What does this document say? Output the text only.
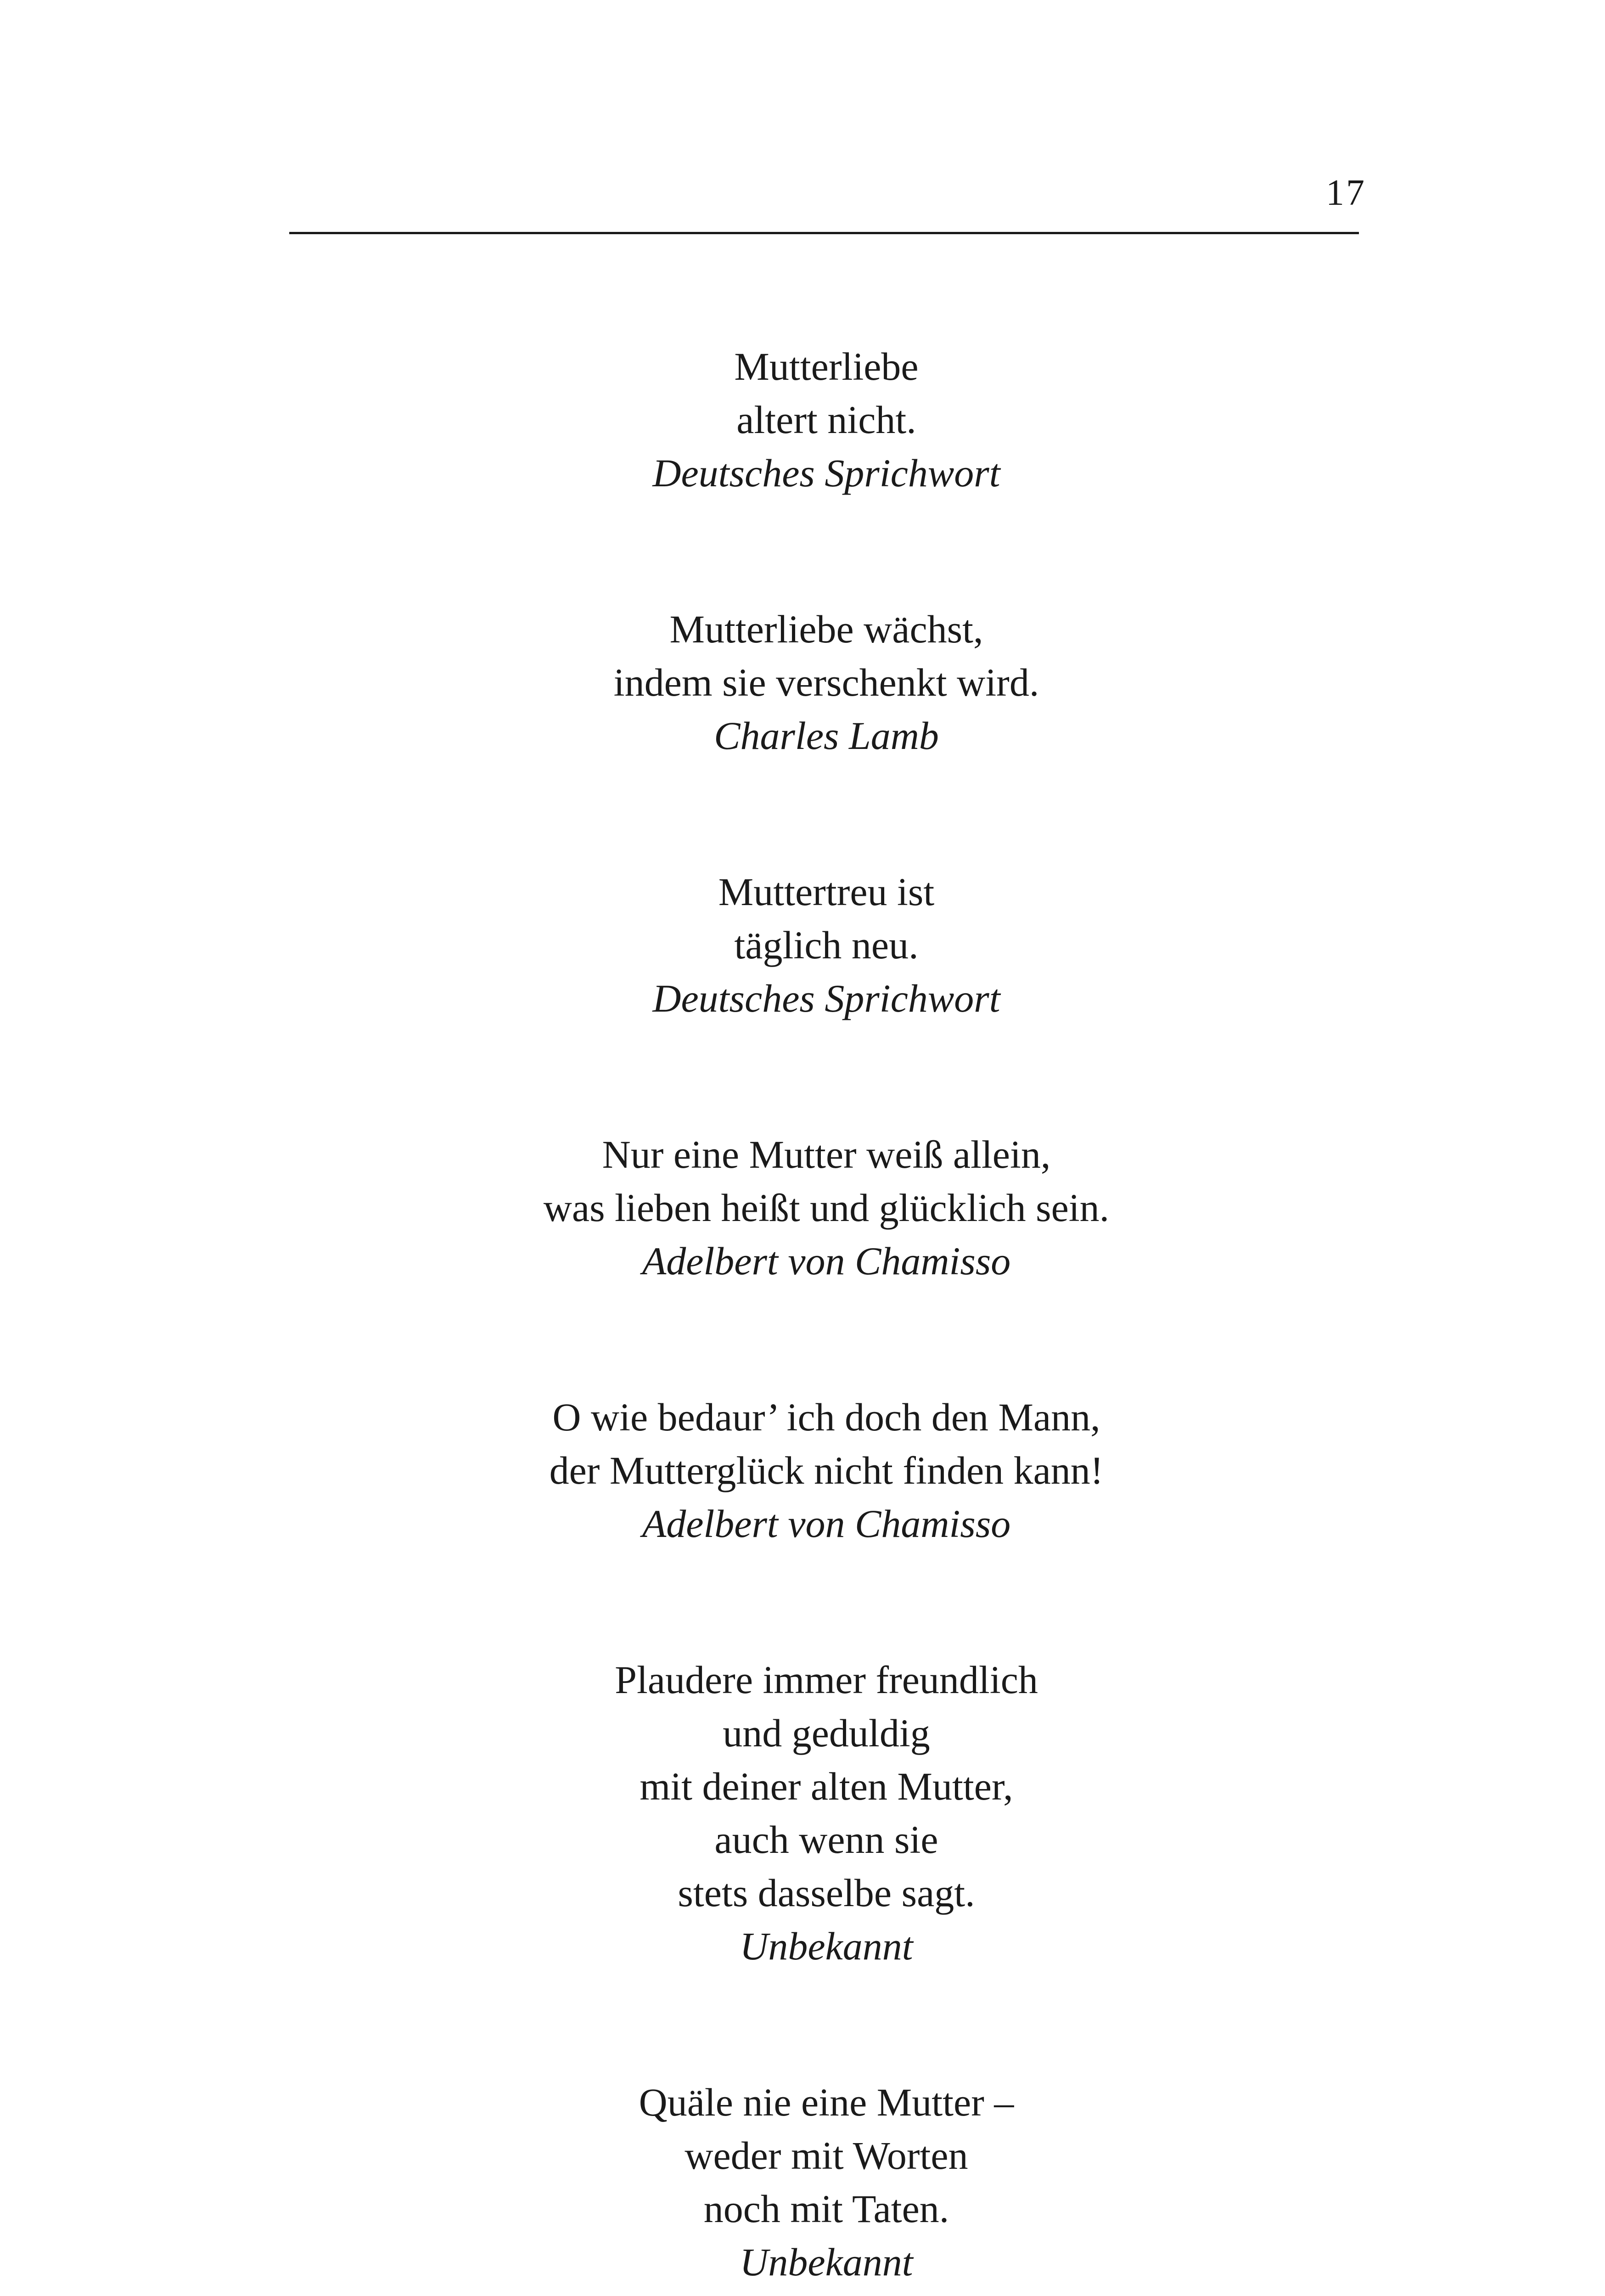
17
Mutterliebe
altert nicht.
Deutsches Sprichwort
Mutterliebe wächst,
indem sie verschenkt wird.
Charles Lamb
Muttertreu ist
täglich neu.
Deutsches Sprichwort
Nur eine Mutter weiß allein,
was lieben heißt und glücklich sein.
Adelbert von Chamisso
O wie bedaur’ ich doch den Mann,
der Mutterglück nicht finden kann!
Adelbert von Chamisso
Plaudere immer freundlich
und geduldig
mit deiner alten Mutter,
auch wenn sie
stets dasselbe sagt.
Unbekannt
Quäle nie eine Mutter –
weder mit Worten
noch mit Taten.
Unbekannt
